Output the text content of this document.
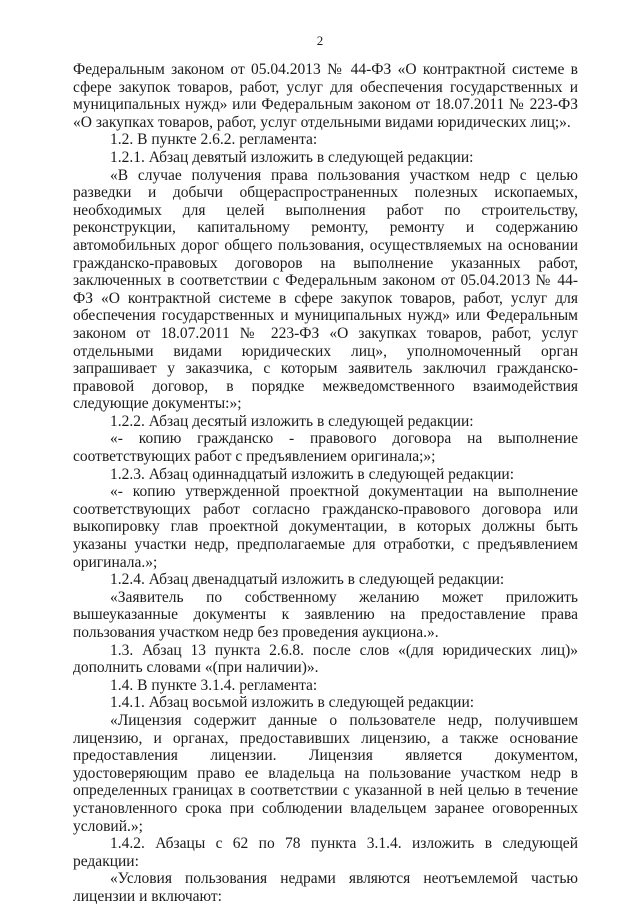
2

Федеральным законом от 05.04.2013 № 44-ФЗ «О контрактной системе в сфере закупок товаров, работ, услуг для обеспечения государственных и муниципальных нужд» или Федеральным законом от 18.07.2011 № 223-ФЗ «О закупках товаров, работ, услуг отдельными видами юридических лиц;».

1.2. В пункте 2.6.2. регламента:

1.2.1. Абзац девятый изложить в следующей редакции:

«В случае получения права пользования участком недр с целью разведки и добычи общераспространенных полезных ископаемых, необходимых для целей выполнения работ по строительству, реконструкции, капитальному ремонту, ремонту и содержанию автомобильных дорог общего пользования, осуществляемых на основании гражданско-правовых договоров на выполнение указанных работ, заключенных в соответствии с Федеральным законом от 05.04.2013 № 44-ФЗ «О контрактной системе в сфере закупок товаров, работ, услуг для обеспечения государственных и муниципальных нужд» или Федеральным законом от 18.07.2011 № 223-ФЗ «О закупках товаров, работ, услуг отдельными видами юридических лиц», уполномоченный орган запрашивает у заказчика, с которым заявитель заключил гражданско-правовой договор, в порядке межведомственного взаимодействия следующие документы:»;

1.2.2. Абзац десятый изложить в следующей редакции:

«- копию гражданско - правового договора на выполнение соответствующих работ с предъявлением оригинала;»;

1.2.3. Абзац одиннадцатый изложить в следующей редакции:

«- копию утвержденной проектной документации на выполнение соответствующих работ согласно гражданско-правового договора или выкопировку глав проектной документации, в которых должны быть указаны участки недр, предполагаемые для отработки, с предъявлением оригинала.»;

1.2.4. Абзац двенадцатый изложить в следующей редакции:

«Заявитель по собственному желанию может приложить вышеуказанные документы к заявлению на предоставление права пользования участком недр без проведения аукциона.».

1.3. Абзац 13 пункта 2.6.8. после слов «(для юридических лиц)» дополнить словами «(при наличии)».

1.4. В пункте 3.1.4. регламента:

1.4.1. Абзац восьмой изложить в следующей редакции:

«Лицензия содержит данные о пользователе недр, получившем лицензию, и органах, предоставивших лицензию, а также основание предоставления лицензии. Лицензия является документом, удостоверяющим право ее владельца на пользование участком недр в определенных границах в соответствии с указанной в ней целью в течение установленного срока при соблюдении владельцем заранее оговоренных условий.»;

1.4.2. Абзацы с 62 по 78 пункта 3.1.4. изложить в следующей редакции:

«Условия пользования недрами являются неотъемлемой частью лицензии и включают:
